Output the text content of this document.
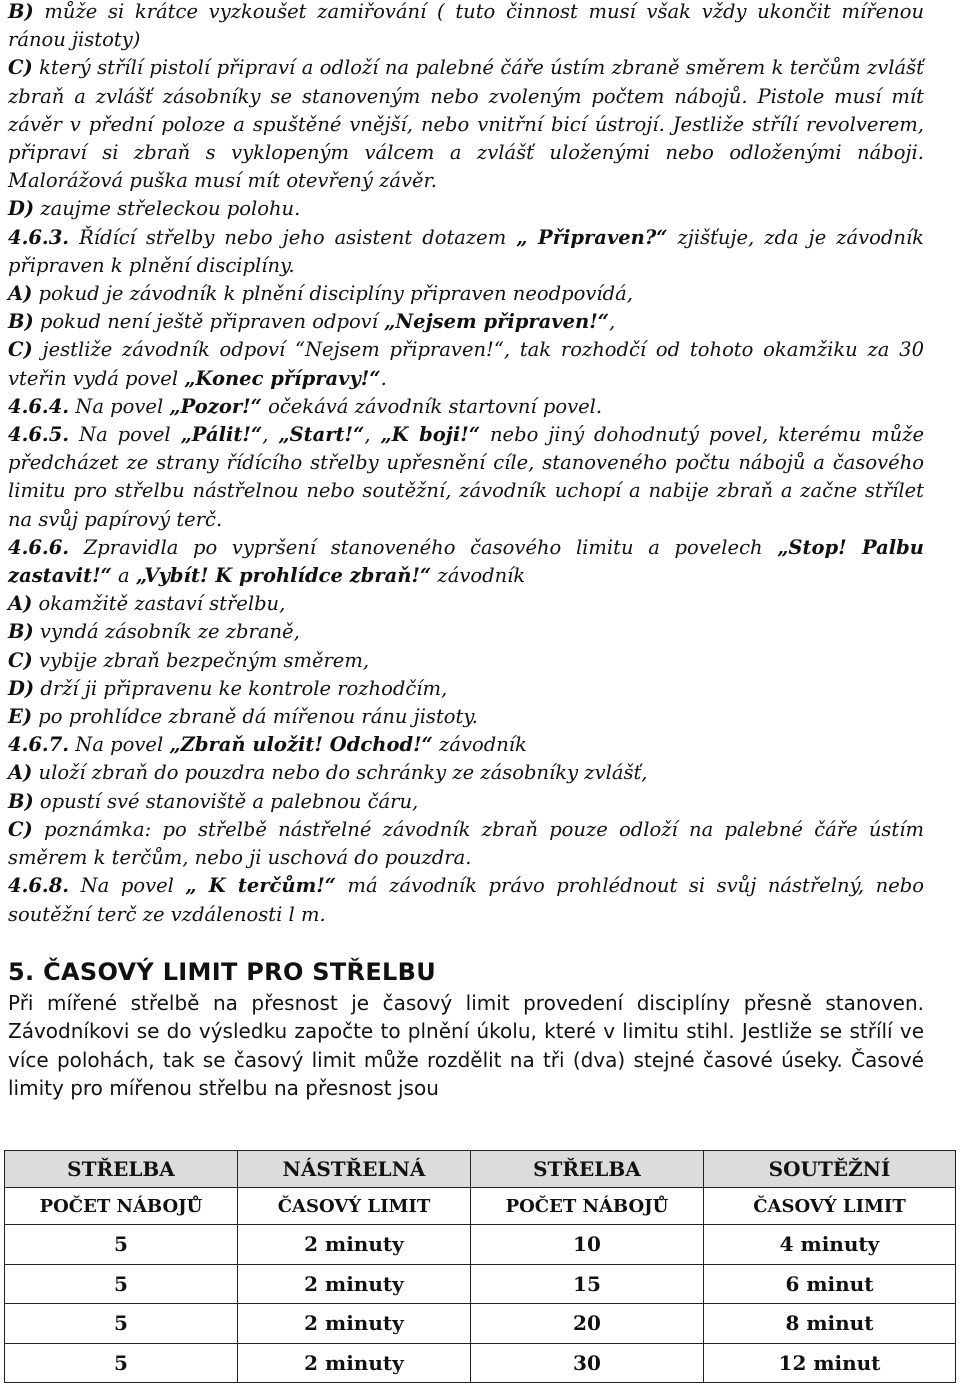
B) může si krátce vyzkoušet zamiřování ( tuto činnost musí však vždy ukončit mířenou ránou jistoty)

C) který střílí pistolí připraví a odloží na palebné čáře ústím zbraně směrem k terčům zvlášť zbraň a zvlášť zásobníky se stanoveným nebo zvoleným počtem nábojů. Pistole musí mít závěr v přední poloze a spuštěné vnější, nebo vnitřní bicí ústrojí. Jestliže střílí revolverem, připraví si zbraň s vyklopeným válcem a zvlášť uloženými nebo odloženými náboji. Malorážová puška musí mít otevřený závěr.

D) zaujme střeleckou polohu.

4.6.3. Řídící střelby nebo jeho asistent dotazem „ Připraven?“ zjišťuje, zda je závodník připraven k plnění disciplíny.

A) pokud je závodník k plnění disciplíny připraven neodpovídá,

B) pokud není ještě připraven odpoví „Nejsem připraven!“,

C) jestliže závodník odpoví “Nejsem připraven!“, tak rozhodčí od tohoto okamžiku za 30 vteřin vydá povel „Konec přípravy!“.

4.6.4. Na povel „Pozor!“ očekává závodník startovní povel.

4.6.5. Na povel „Pálit!“, „Start!“, „K boji!“ nebo jiný dohodnutý povel, kterému může předcházet ze strany řídícího střelby upřesnění cíle, stanoveného počtu nábojů a časového limitu pro střelbu nástřelnou nebo soutěžní, závodník uchopí a nabije zbraň a začne střílet na svůj papírový terč.

4.6.6. Zpravidla po vypršení stanoveného časového limitu a povelech „Stop! Palbu zastavit!“ a „Vybít! K prohlídce zbraň!“ závodník

A) okamžitě zastaví střelbu,

B) vyndá zásobník ze zbraně,

C) vybije zbraň bezpečným směrem,

D) drží ji připravenu ke kontrole rozhodčím,

E) po prohlídce zbraně dá mířenou ránu jistoty.

4.6.7. Na povel „Zbraň uložit! Odchod!“ závodník

A) uloží zbraň do pouzdra nebo do schránky ze zásobníky zvlášť,

B) opustí své stanoviště a palebnou čáru,

C) poznámka: po střelbě nástřelné závodník zbraň pouze odloží na palebné čáře ústím směrem k terčům, nebo ji uschová do pouzdra.

4.6.8. Na povel „ K terčům!“ má závodník právo prohlédnout si svůj nástřelný, nebo soutěžní terč ze vzdálenosti l m.

5. ČASOVÝ LIMIT PRO STŘELBU

Při mířené střelbě na přesnost je časový limit provedení disciplíny přesně stanoven. Závodníkovi se do výsledku započte to plnění úkolu, které v limitu stihl. Jestliže se střílí ve více polohách, tak se časový limit může rozdělit na tři (dva) stejné časové úseky. Časové limity pro mířenou střelbu na přesnost jsou

STŘELBA	NÁSTŘELNÁ	STŘELBA	SOUTĚŽNÍ
POČET NÁBOJŮ	ČASOVÝ LIMIT	POČET NÁBOJŮ	ČASOVÝ LIMIT
5	2 minuty	10	4 minuty
5	2 minuty	15	6 minut
5	2 minuty	20	8 minut
5	2 minuty	30	12 minut
